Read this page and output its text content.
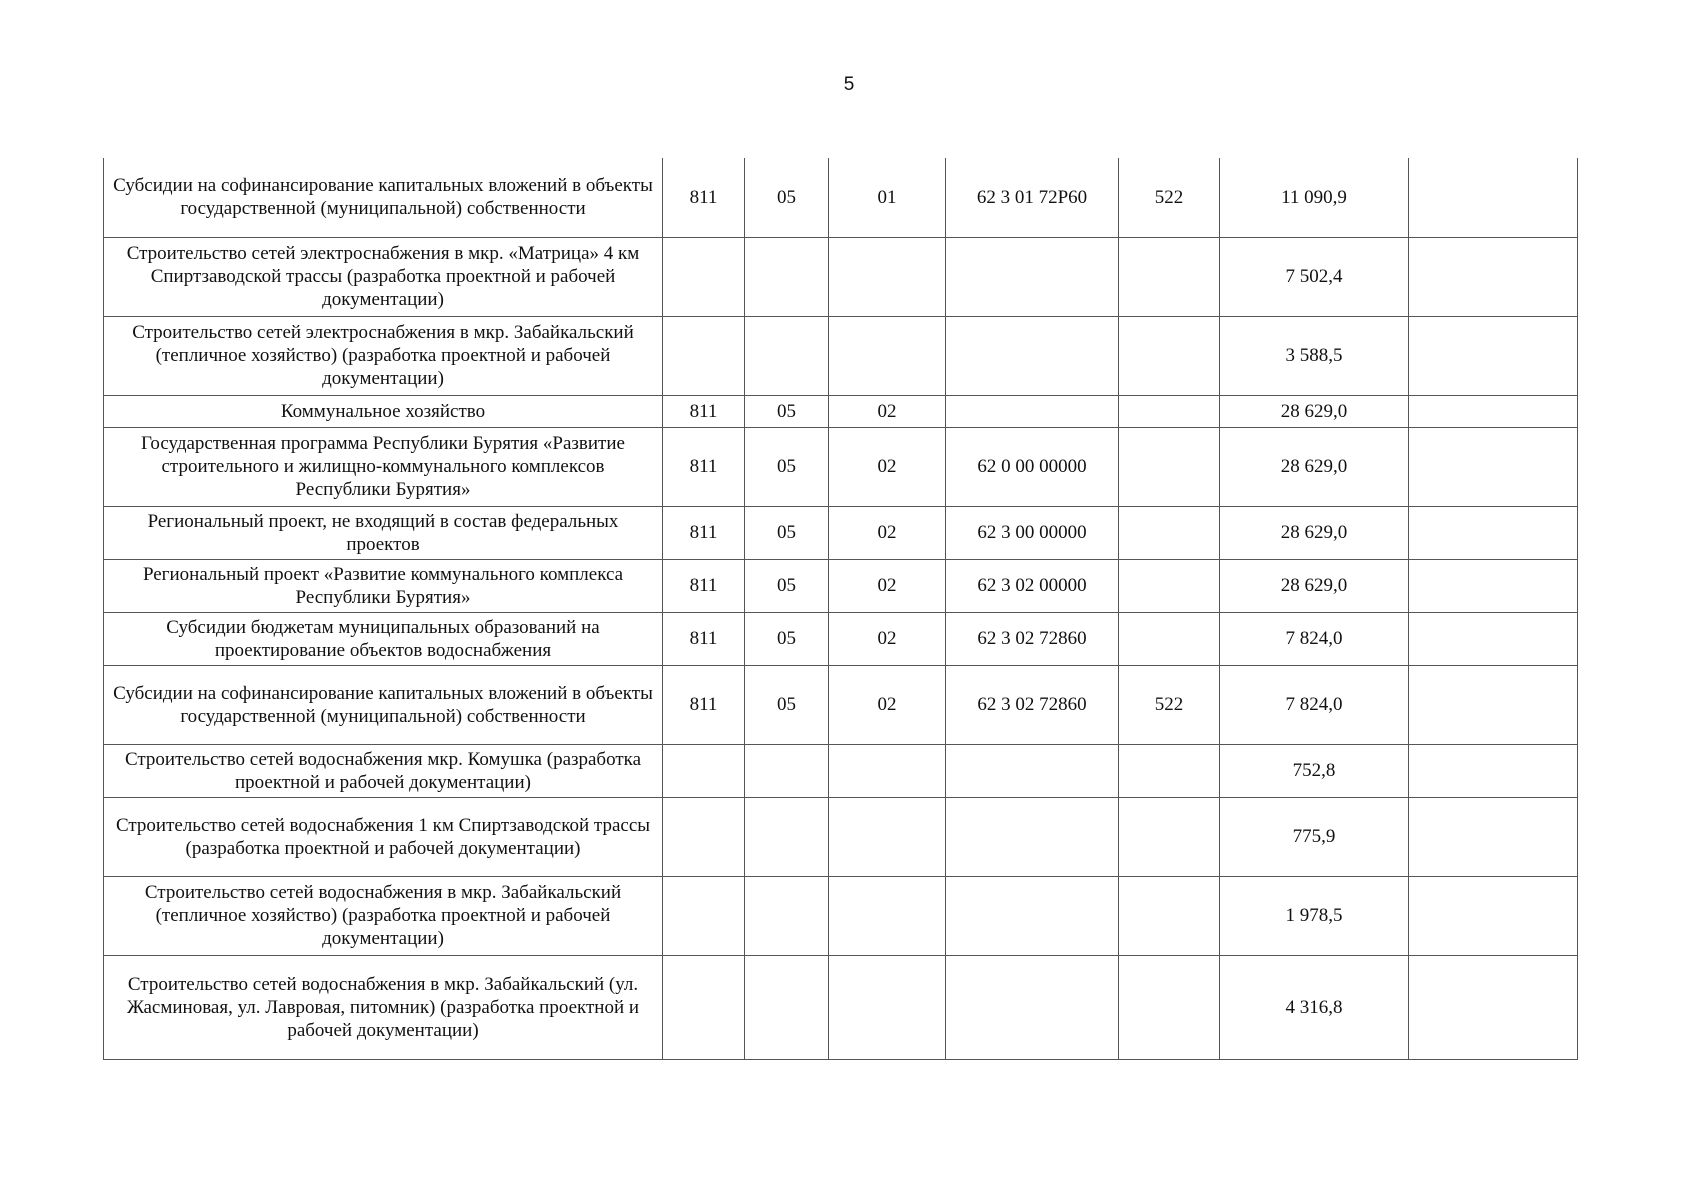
5
Субсидии на софинансирование капитальных вложений в объекты государственной (муниципальной) собственности	811	05	01	62 3 01 72Р60	522	11 090,9	
Строительство сетей электроснабжения в мкр. «Матрица» 4 км Спиртзаводской трассы (разработка проектной и рабочей документации)						7 502,4	
Строительство сетей электроснабжения в мкр. Забайкальский (тепличное хозяйство) (разработка проектной и рабочей документации)						3 588,5	
Коммунальное хозяйство	811	05	02			28 629,0	
Государственная программа Республики Бурятия «Развитие строительного и жилищно-коммунального комплексов Республики Бурятия»	811	05	02	62 0 00 00000		28 629,0	
Региональный проект, не входящий в состав федеральных проектов	811	05	02	62 3 00 00000		28 629,0	
Региональный проект «Развитие коммунального комплекса Республики Бурятия»	811	05	02	62 3 02 00000		28 629,0	
Субсидии бюджетам муниципальных образований на проектирование объектов водоснабжения	811	05	02	62 3 02 72860		7 824,0	
Субсидии на софинансирование капитальных вложений в объекты государственной (муниципальной) собственности	811	05	02	62 3 02 72860	522	7 824,0	
Строительство сетей водоснабжения мкр. Комушка (разработка проектной и рабочей документации)						752,8	
Строительство сетей водоснабжения 1 км Спиртзаводской трассы (разработка проектной и рабочей документации)						775,9	
Строительство сетей водоснабжения в мкр. Забайкальский (тепличное хозяйство) (разработка проектной и рабочей документации)						1 978,5	
Строительство сетей водоснабжения в мкр. Забайкальский (ул. Жасминовая, ул. Лавровая, питомник) (разработка проектной и рабочей документации)						4 316,8	
